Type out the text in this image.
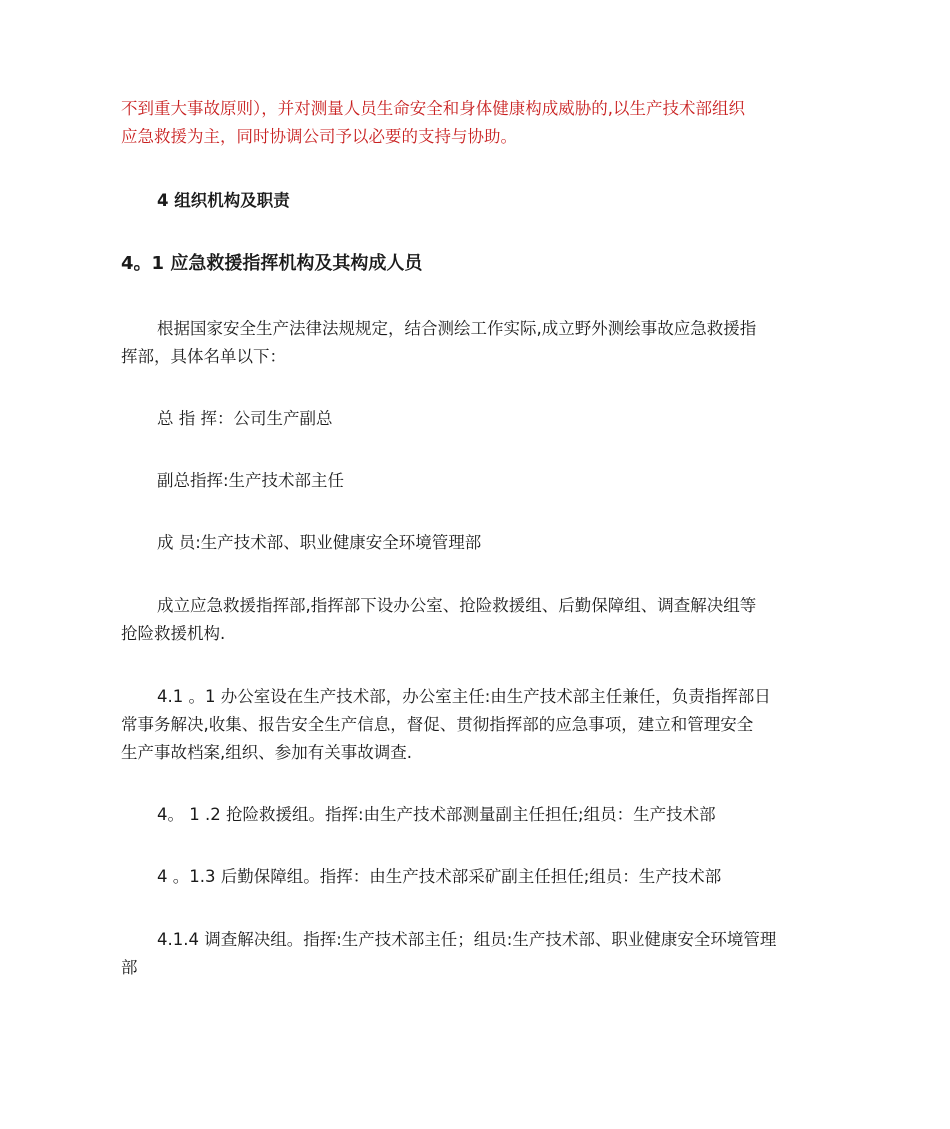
不到重大事故原则），并对测量人员生命安全和身体健康构成威胁的,以生产技术部组织
应急救援为主，同时协调公司予以必要的支持与协助。
4 组织机构及职责
4。1 应急救援指挥机构及其构成人员
根据国家安全生产法律法规规定，结合测绘工作实际,成立野外测绘事故应急救援指
挥部，具体名单以下：
总 指 挥：公司生产副总
副总指挥:生产技术部主任
成 员:生产技术部、职业健康安全环境管理部
成立应急救援指挥部,指挥部下设办公室、抢险救援组、后勤保障组、调查解决组等
抢险救援机构.
4.1 。1 办公室设在生产技术部，办公室主任:由生产技术部主任兼任，负责指挥部日
常事务解决,收集、报告安全生产信息，督促、贯彻指挥部的应急事项，建立和管理安全
生产事故档案,组织、参加有关事故调查.
4。 1 .2 抢险救援组。指挥:由生产技术部测量副主任担任;组员：生产技术部
4 。1.3 后勤保障组。指挥：由生产技术部采矿副主任担任;组员：生产技术部
4.1.4 调查解决组。指挥:生产技术部主任；组员:生产技术部、职业健康安全环境管理
部
